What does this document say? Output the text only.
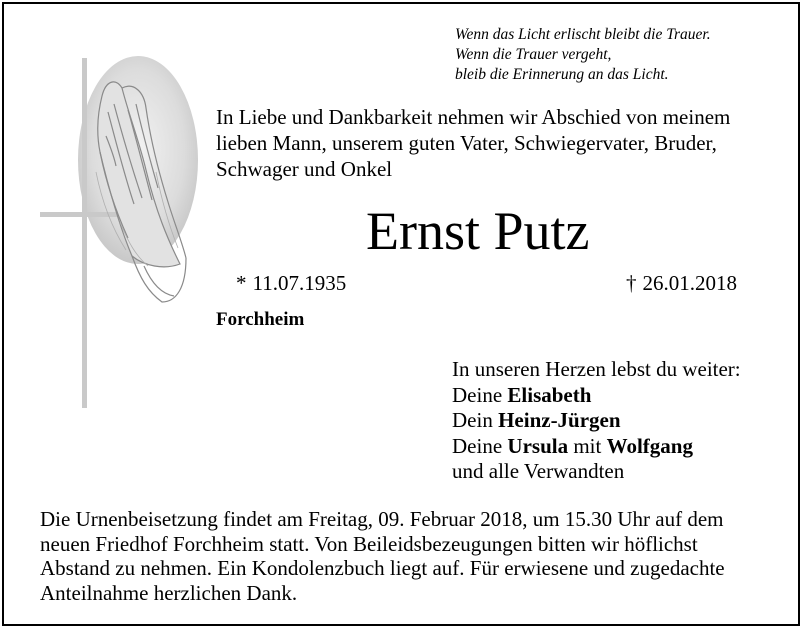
Wenn das Licht erlischt bleibt die Trauer.
Wenn die Trauer vergeht,
bleib die Erinnerung an das Licht.
In Liebe und Dankbarkeit nehmen wir Abschied von meinem
lieben Mann, unserem guten Vater, Schwiegervater, Bruder,
Schwager und Onkel
Ernst Putz
* 11.07.1935	† 26.01.2018
Forchheim
In unseren Herzen lebst du weiter:
Deine Elisabeth
Dein Heinz-Jürgen
Deine Ursula mit Wolfgang
und alle Verwandten
Die Urnenbeisetzung findet am Freitag, 09. Februar 2018, um 15.30 Uhr auf dem
neuen Friedhof Forchheim statt. Von Beileidsbezeugungen bitten wir höflichst
Abstand zu nehmen. Ein Kondolenzbuch liegt auf. Für erwiesene und zugedachte
Anteilnahme herzlichen Dank.
